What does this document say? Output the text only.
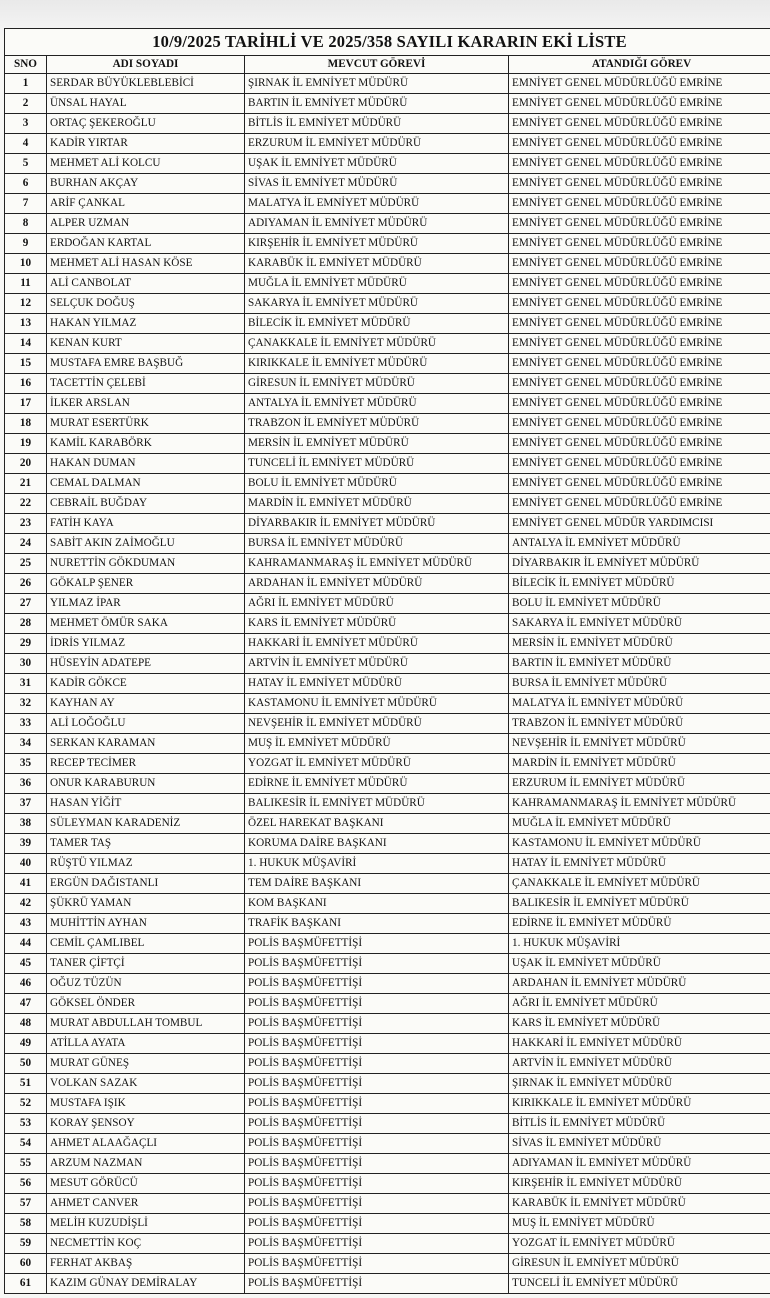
10/9/2025 TARİHLİ VE 2025/358 SAYILI KARARIN EKİ LİSTE			
SNO	ADI SOYADI	MEVCUT GÖREVİ	ATANDIĞI GÖREV
1	SERDAR BÜYÜKLEBLEBİCİ	ŞIRNAK İL EMNİYET MÜDÜRÜ	EMNİYET GENEL MÜDÜRLÜĞÜ EMRİNE
2	ÜNSAL HAYAL	BARTIN İL EMNİYET MÜDÜRÜ	EMNİYET GENEL MÜDÜRLÜĞÜ EMRİNE
3	ORTAÇ ŞEKEROĞLU	BİTLİS İL EMNİYET MÜDÜRÜ	EMNİYET GENEL MÜDÜRLÜĞÜ EMRİNE
4	KADİR YIRTAR	ERZURUM İL EMNİYET MÜDÜRÜ	EMNİYET GENEL MÜDÜRLÜĞÜ EMRİNE
5	MEHMET ALİ KOLCU	UŞAK İL EMNİYET MÜDÜRÜ	EMNİYET GENEL MÜDÜRLÜĞÜ EMRİNE
6	BURHAN AKÇAY	SİVAS İL EMNİYET MÜDÜRÜ	EMNİYET GENEL MÜDÜRLÜĞÜ EMRİNE
7	ARİF ÇANKAL	MALATYA İL EMNİYET MÜDÜRÜ	EMNİYET GENEL MÜDÜRLÜĞÜ EMRİNE
8	ALPER UZMAN	ADIYAMAN İL EMNİYET MÜDÜRÜ	EMNİYET GENEL MÜDÜRLÜĞÜ EMRİNE
9	ERDOĞAN KARTAL	KIRŞEHİR İL EMNİYET MÜDÜRÜ	EMNİYET GENEL MÜDÜRLÜĞÜ EMRİNE
10	MEHMET ALİ HASAN KÖSE	KARABÜK İL EMNİYET MÜDÜRÜ	EMNİYET GENEL MÜDÜRLÜĞÜ EMRİNE
11	ALİ CANBOLAT	MUĞLA İL EMNİYET MÜDÜRÜ	EMNİYET GENEL MÜDÜRLÜĞÜ EMRİNE
12	SELÇUK DOĞUŞ	SAKARYA İL EMNİYET MÜDÜRÜ	EMNİYET GENEL MÜDÜRLÜĞÜ EMRİNE
13	HAKAN YILMAZ	BİLECİK İL EMNİYET MÜDÜRÜ	EMNİYET GENEL MÜDÜRLÜĞÜ EMRİNE
14	KENAN KURT	ÇANAKKALE İL EMNİYET MÜDÜRÜ	EMNİYET GENEL MÜDÜRLÜĞÜ EMRİNE
15	MUSTAFA EMRE BAŞBUĞ	KIRIKKALE İL EMNİYET MÜDÜRÜ	EMNİYET GENEL MÜDÜRLÜĞÜ EMRİNE
16	TACETTİN ÇELEBİ	GİRESUN İL EMNİYET MÜDÜRÜ	EMNİYET GENEL MÜDÜRLÜĞÜ EMRİNE
17	İLKER ARSLAN	ANTALYA İL EMNİYET MÜDÜRÜ	EMNİYET GENEL MÜDÜRLÜĞÜ EMRİNE
18	MURAT ESERTÜRK	TRABZON İL EMNİYET MÜDÜRÜ	EMNİYET GENEL MÜDÜRLÜĞÜ EMRİNE
19	KAMİL KARABÖRK	MERSİN İL EMNİYET MÜDÜRÜ	EMNİYET GENEL MÜDÜRLÜĞÜ EMRİNE
20	HAKAN DUMAN	TUNCELİ İL EMNİYET MÜDÜRÜ	EMNİYET GENEL MÜDÜRLÜĞÜ EMRİNE
21	CEMAL DALMAN	BOLU İL EMNİYET MÜDÜRÜ	EMNİYET GENEL MÜDÜRLÜĞÜ EMRİNE
22	CEBRAİL BUĞDAY	MARDİN İL EMNİYET MÜDÜRÜ	EMNİYET GENEL MÜDÜRLÜĞÜ EMRİNE
23	FATİH KAYA	DİYARBAKIR İL EMNİYET MÜDÜRÜ	EMNİYET GENEL MÜDÜR YARDIMCISI
24	SABİT AKIN ZAİMOĞLU	BURSA İL EMNİYET MÜDÜRÜ	ANTALYA İL EMNİYET MÜDÜRÜ
25	NURETTİN GÖKDUMAN	KAHRAMANMARAŞ İL EMNİYET MÜDÜRÜ	DİYARBAKIR İL EMNİYET MÜDÜRÜ
26	GÖKALP ŞENER	ARDAHAN İL EMNİYET MÜDÜRÜ	BİLECİK İL EMNİYET MÜDÜRÜ
27	YILMAZ İPAR	AĞRI İL EMNİYET MÜDÜRÜ	BOLU İL EMNİYET MÜDÜRÜ
28	MEHMET ÖMÜR SAKA	KARS İL EMNİYET MÜDÜRÜ	SAKARYA İL EMNİYET MÜDÜRÜ
29	İDRİS YILMAZ	HAKKARİ İL EMNİYET MÜDÜRÜ	MERSİN İL EMNİYET MÜDÜRÜ
30	HÜSEYİN ADATEPE	ARTVİN İL EMNİYET MÜDÜRÜ	BARTIN İL EMNİYET MÜDÜRÜ
31	KADİR GÖKCE	HATAY İL EMNİYET MÜDÜRÜ	BURSA İL EMNİYET MÜDÜRÜ
32	KAYHAN AY	KASTAMONU İL EMNİYET MÜDÜRÜ	MALATYA İL EMNİYET MÜDÜRÜ
33	ALİ LOĞOĞLU	NEVŞEHİR İL EMNİYET MÜDÜRÜ	TRABZON İL EMNİYET MÜDÜRÜ
34	SERKAN KARAMAN	MUŞ İL EMNİYET MÜDÜRÜ	NEVŞEHİR İL EMNİYET MÜDÜRÜ
35	RECEP TECİMER	YOZGAT İL EMNİYET MÜDÜRÜ	MARDİN İL EMNİYET MÜDÜRÜ
36	ONUR KARABURUN	EDİRNE İL EMNİYET MÜDÜRÜ	ERZURUM İL EMNİYET MÜDÜRÜ
37	HASAN YİĞİT	BALIKESİR İL EMNİYET MÜDÜRÜ	KAHRAMANMARAŞ İL EMNİYET MÜDÜRÜ
38	SÜLEYMAN KARADENİZ	ÖZEL HAREKAT BAŞKANI	MUĞLA İL EMNİYET MÜDÜRÜ
39	TAMER TAŞ	KORUMA DAİRE BAŞKANI	KASTAMONU İL EMNİYET MÜDÜRÜ
40	RÜŞTÜ YILMAZ	1. HUKUK MÜŞAVİRİ	HATAY İL EMNİYET MÜDÜRÜ
41	ERGÜN DAĞISTANLI	TEM DAİRE BAŞKANI	ÇANAKKALE İL EMNİYET MÜDÜRÜ
42	ŞÜKRÜ YAMAN	KOM BAŞKANI	BALIKESİR İL EMNİYET MÜDÜRÜ
43	MUHİTTİN AYHAN	TRAFİK BAŞKANI	EDİRNE İL EMNİYET MÜDÜRÜ
44	CEMİL ÇAMLIBEL	POLİS BAŞMÜFETTİŞİ	1. HUKUK MÜŞAVİRİ
45	TANER ÇİFTÇİ	POLİS BAŞMÜFETTİŞİ	UŞAK İL EMNİYET MÜDÜRÜ
46	OĞUZ TÜZÜN	POLİS BAŞMÜFETTİŞİ	ARDAHAN İL EMNİYET MÜDÜRÜ
47	GÖKSEL ÖNDER	POLİS BAŞMÜFETTİŞİ	AĞRI İL EMNİYET MÜDÜRÜ
48	MURAT ABDULLAH TOMBUL	POLİS BAŞMÜFETTİŞİ	KARS İL EMNİYET MÜDÜRÜ
49	ATİLLA AYATA	POLİS BAŞMÜFETTİŞİ	HAKKARİ İL EMNİYET MÜDÜRÜ
50	MURAT GÜNEŞ	POLİS BAŞMÜFETTİŞİ	ARTVİN İL EMNİYET MÜDÜRÜ
51	VOLKAN SAZAK	POLİS BAŞMÜFETTİŞİ	ŞIRNAK İL EMNİYET MÜDÜRÜ
52	MUSTAFA IŞIK	POLİS BAŞMÜFETTİŞİ	KIRIKKALE İL EMNİYET MÜDÜRÜ
53	KORAY ŞENSOY	POLİS BAŞMÜFETTİŞİ	BİTLİS İL EMNİYET MÜDÜRÜ
54	AHMET ALAAĞAÇLI	POLİS BAŞMÜFETTİŞİ	SİVAS İL EMNİYET MÜDÜRÜ
55	ARZUM NAZMAN	POLİS BAŞMÜFETTİŞİ	ADIYAMAN İL EMNİYET MÜDÜRÜ
56	MESUT GÖRÜCÜ	POLİS BAŞMÜFETTİŞİ	KIRŞEHİR İL EMNİYET MÜDÜRÜ
57	AHMET CANVER	POLİS BAŞMÜFETTİŞİ	KARABÜK İL EMNİYET MÜDÜRÜ
58	MELİH KUZUDİŞLİ	POLİS BAŞMÜFETTİŞİ	MUŞ İL EMNİYET MÜDÜRÜ
59	NECMETTİN KOÇ	POLİS BAŞMÜFETTİŞİ	YOZGAT İL EMNİYET MÜDÜRÜ
60	FERHAT AKBAŞ	POLİS BAŞMÜFETTİŞİ	GİRESUN İL EMNİYET MÜDÜRÜ
61	KAZIM GÜNAY DEMİRALAY	POLİS BAŞMÜFETTİŞİ	TUNCELİ İL EMNİYET MÜDÜRÜ
